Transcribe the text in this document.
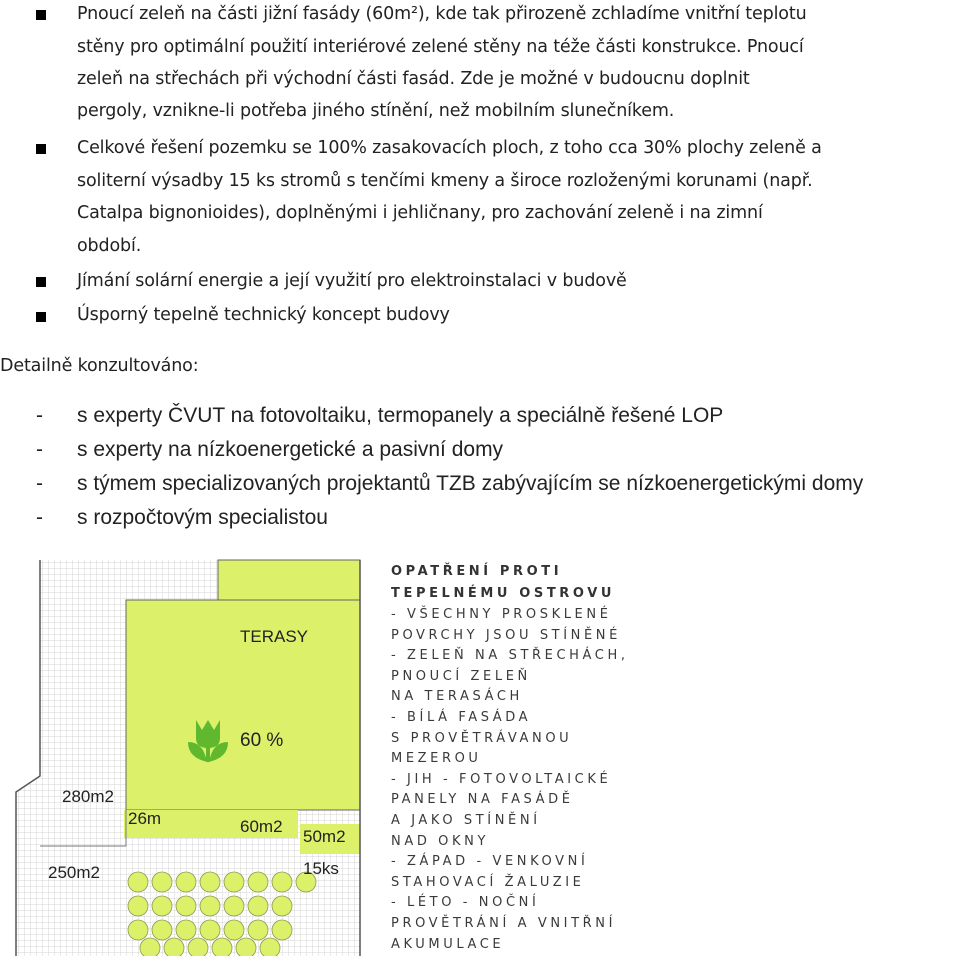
Pnoucí zeleň na části jižní fasády (60m²), kde tak přirozeně zchladíme vnitřní teplotu
stěny pro optimální použití interiérové zelené stěny na téže části konstrukce. Pnoucí
zeleň na střechách při východní části fasád. Zde je možné v budoucnu doplnit
pergoly, vznikne-li potřeba jiného stínění, než mobilním slunečníkem.
Celkové řešení pozemku se 100% zasakovacích ploch, z toho cca 30% plochy zeleně a
soliterní výsadby 15 ks stromů s tenčími kmeny a široce rozloženými korunami (např.
Catalpa bignonioides), doplněnými i jehličnany, pro zachování zeleně i na zimní
období.
Jímání solární energie a její využití pro elektroinstalaci v budově
Úsporný tepelně technický koncept budovy
Detailně konzultováno:
- s experty ČVUT na fotovoltaiku, termopanely a speciálně řešené LOP
- s experty na nízkoenergetické a pasivní domy
- s týmem specializovaných projektantů TZB zabývajícím se nízkoenergetickými domy
- s rozpočtovým specialistou
TERASY
60 %
280m2
26m	60m2
50m2
15ks
250m2
OPATŘENÍ PROTI
TEPELNÉMU OSTROVU
- VŠECHNY PROSKLENÉ
POVRCHY JSOU STÍNĚNÉ
- ZELEŇ NA STŘECHÁCH,
PNOUCÍ ZELEŇ
NA TERASÁCH
- BÍLÁ FASÁDA
S PROVĚTRÁVANOU
MEZEROU
- JIH - FOTOVOLTAICKÉ
PANELY NA FASÁDĚ
A JAKO STÍNĚNÍ
NAD OKNY
- ZÁPAD - VENKOVNÍ
STAHOVACÍ ŽALUZIE
- LÉTO - NOČNÍ
PROVĚTRÁNÍ A VNITŘNÍ
AKUMULACE
